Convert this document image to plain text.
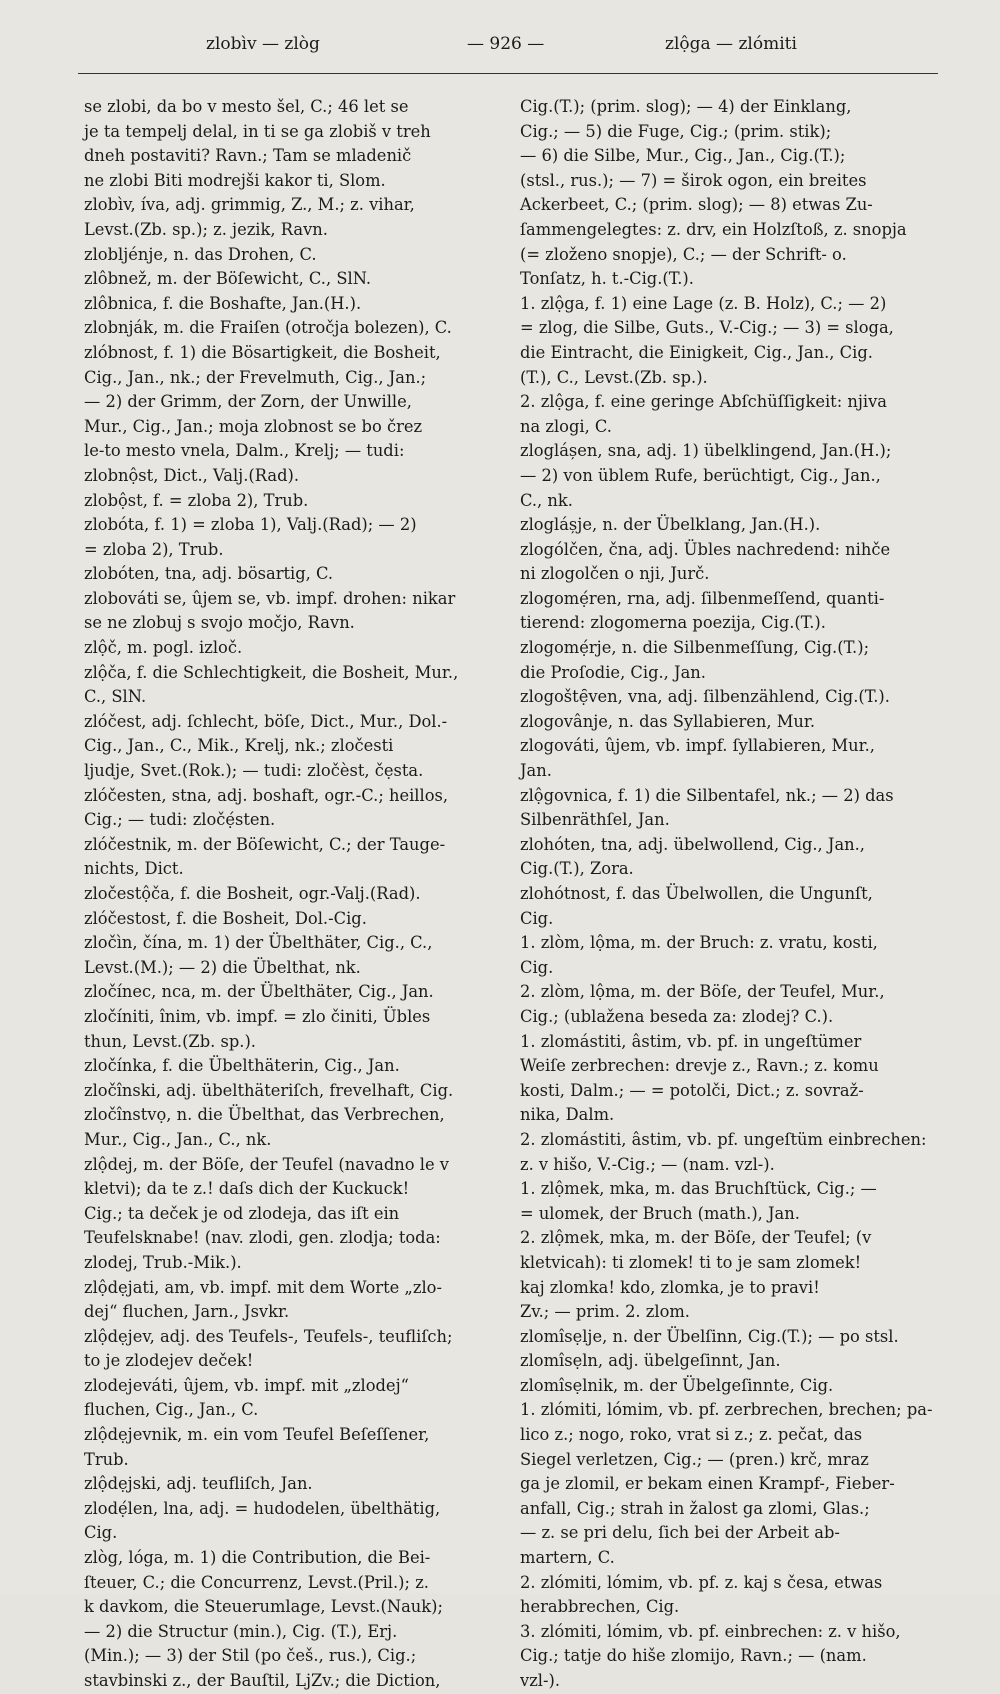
zlobìv — zlòg	— 926 —	zlộga — zlómiti
se zlobi, da bo v mesto šel, C.; 46 let se
je ta tempelj delal, in ti se ga zlobiš v treh
dneh postaviti? Ravn.; Tam se mladenič
ne zlobi Biti modrejši kakor ti, Slom.
zlobìv, íva, adj. grimmig, Z., M.; z. vihar,
Levst.(Zb. sp.); z. jezik, Ravn.
zlobljénje, n. das Drohen, C.
zlôbnež, m. der Böſewicht, C., SlN.
zlôbnica, f. die Boshafte, Jan.(H.).
zlobnják, m. die Fraiſen (otročja bolezen), C.
zlóbnost, f. 1) die Bösartigkeit, die Bosheit,
Cig., Jan., nk.; der Frevelmuth, Cig., Jan.;
— 2) der Grimm, der Zorn, der Unwille,
Mur., Cig., Jan.; moja zlobnost se bo črez
le-to mesto vnela, Dalm., Krelj; — tudi:
zlobnộst, Dict., Valj.(Rad).
zlobộst, f. = zloba 2), Trub.
zlobóta, f. 1) = zloba 1), Valj.(Rad); — 2)
= zloba 2), Trub.
zlobóten, tna, adj. bösartig, C.
zlobováti se, ûjem se, vb. impf. drohen: nikar
se ne zlobuj s svojo močjo, Ravn.
zlộč, m. pogl. izloč.
zlộča, f. die Schlechtigkeit, die Bosheit, Mur.,
C., SlN.
zlóčest, adj. ſchlecht, böſe, Dict., Mur., Dol.-
Cig., Jan., C., Mik., Krelj, nk.; zločesti
ljudje, Svet.(Rok.); — tudi: zločèst, čẹsta.
zlóčesten, stna, adj. boshaft, ogr.-C.; heillos,
Cig.; — tudi: zločẹ́sten.
zlóčestnik, m. der Böſewicht, C.; der Tauge-
nichts, Dict.
zločestộča, f. die Bosheit, ogr.-Valj.(Rad).
zlóčestost, f. die Bosheit, Dol.-Cig.
zločìn, čína, m. 1) der Übelthäter, Cig., C.,
Levst.(M.); — 2) die Übelthat, nk.
zločínec, nca, m. der Übelthäter, Cig., Jan.
zločíniti, înim, vb. impf. = zlo činiti, Übles
thun, Levst.(Zb. sp.).
zločínka, f. die Übelthäterin, Cig., Jan.
zločînski, adj. übelthäteriſch, frevelhaft, Cig.
zločînstvọ, n. die Übelthat, das Verbrechen,
Mur., Cig., Jan., C., nk.
zlộdej, m. der Böſe, der Teufel (navadno le v
kletvi); da te z.! daſs dich der Kuckuck!
Cig.; ta deček je od zlodeja, das iſt ein
Teufelsknabe! (nav. zlodi, gen. zlodja; toda:
zlodej, Trub.-Mik.).
zlộdẹjati, am, vb. impf. mit dem Worte „zlo-
dej“ fluchen, Jarn., Jsvkr.
zlộdẹjev, adj. des Teufels-, Teufels-, teufliſch;
to je zlodejev deček!
zlodejeváti, ûjem, vb. impf. mit „zlodej“
fluchen, Cig., Jan., C.
zlộdẹjevnik, m. ein vom Teufel Beſeſſener,
Trub.
zlộdẹjski, adj. teufliſch, Jan.
zlodẹ́len, lna, adj. = hudodelen, übelthätig,
Cig.
zlòg, lóga, m. 1) die Contribution, die Bei-
ſteuer, C.; die Concurrenz, Levst.(Pril.); z.
k davkom, die Steuerumlage, Levst.(Nauk);
— 2) die Structur (min.), Cig. (T.), Erj.
(Min.); — 3) der Stil (po češ., rus.), Cig.;
stavbinski z., der Bauſtil, LjZv.; die Diction,
Cig.(T.); (prim. slog); — 4) der Einklang,
Cig.; — 5) die Fuge, Cig.; (prim. stik);
— 6) die Silbe, Mur., Cig., Jan., Cig.(T.);
(stsl., rus.); — 7) = širok ogon, ein breites
Ackerbeet, C.; (prim. slog); — 8) etwas Zu-
ſammengelegtes: z. drv, ein Holzſtoß, z. snopja
(= zloženo snopje), C.; — der Schrift- o.
Tonſatz, h. t.-Cig.(T.).
1. zlộga, f. 1) eine Lage (z. B. Holz), C.; — 2)
= zlog, die Silbe, Guts., V.-Cig.; — 3) = sloga,
die Eintracht, die Einigkeit, Cig., Jan., Cig.
(T.), C., Levst.(Zb. sp.).
2. zlộga, f. eine geringe Abſchüſſigkeit: njiva
na zlogi, C.
zlogláșen, sna, adj. 1) übelklingend, Jan.(H.);
— 2) von üblem Rufe, berüchtigt, Cig., Jan.,
C., nk.
zlogláșje, n. der Übelklang, Jan.(H.).
zlogólčen, čna, adj. Übles nachredend: nihče
ni zlogolčen o nji, Jurč.
zlogomẹ́ren, rna, adj. ſilbenmeſſend, quanti-
tierend: zlogomerna poezija, Cig.(T.).
zlogomẹ́rje, n. die Silbenmeſſung, Cig.(T.);
die Proſodie, Cig., Jan.
zlogoštẹ̑ven, vna, adj. ſilbenzählend, Cig.(T.).
zlogovânje, n. das Syllabieren, Mur.
zlogováti, ûjem, vb. impf. ſyllabieren, Mur.,
Jan.
zlộgovnica, f. 1) die Silbentafel, nk.; — 2) das
Silbenräthſel, Jan.
zlohóten, tna, adj. übelwollend, Cig., Jan.,
Cig.(T.), Zora.
zlohótnost, f. das Übelwollen, die Ungunſt,
Cig.
1. zlòm, lộma, m. der Bruch: z. vratu, kosti,
Cig.
2. zlòm, lộma, m. der Böſe, der Teufel, Mur.,
Cig.; (ublažena beseda za: zlodej? C.).
1. zlomástiti, âstim, vb. pf. in ungeſtümer
Weiſe zerbrechen: drevje z., Ravn.; z. komu
kosti, Dalm.; — = potolči, Dict.; z. sovraž-
nika, Dalm.
2. zlomástiti, âstim, vb. pf. ungeſtüm einbrechen:
z. v hišo, V.-Cig.; — (nam. vzl-).
1. zlộmek, mka, m. das Bruchſtück, Cig.; —
= ulomek, der Bruch (math.), Jan.
2. zlộmek, mka, m. der Böſe, der Teufel; (v
kletvicah): ti zlomek! ti to je sam zlomek!
kaj zlomka! kdo, zlomka, je to pravi!
Zv.; — prim. 2. zlom.
zlomîsẹlje, n. der Übelſinn, Cig.(T.); — po stsl.
zlomîsẹln, adj. übelgeſinnt, Jan.
zlomîsẹlnik, m. der Übelgeſinnte, Cig.
1. zlómiti, lómim, vb. pf. zerbrechen, brechen; pa-
lico z.; nogo, roko, vrat si z.; z. pečat, das
Siegel verletzen, Cig.; — (pren.) krč, mraz
ga je zlomil, er bekam einen Krampf-, Fieber-
anfall, Cig.; strah in žalost ga zlomi, Glas.;
— z. se pri delu, ſich bei der Arbeit ab-
martern, C.
2. zlómiti, lómim, vb. pf. z. kaj s česa, etwas
herabbrechen, Cig.
3. zlómiti, lómim, vb. pf. einbrechen: z. v hišo,
Cig.; tatje do hiše zlomijo, Ravn.; — (nam.
vzl-).
